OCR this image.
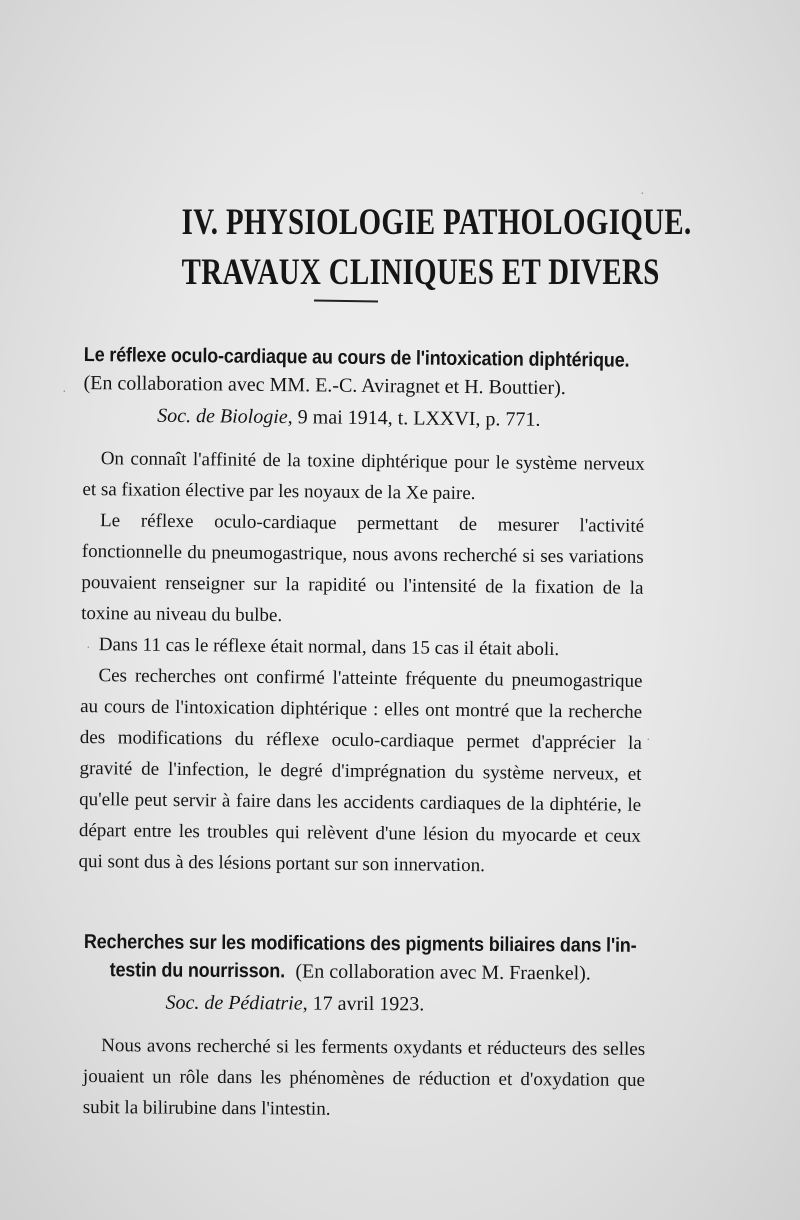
IV. PHYSIOLOGIE PATHOLOGIQUE.
TRAVAUX CLINIQUES ET DIVERS
Le réflexe oculo-cardiaque au cours de l'intoxication diphtérique.
(En collaboration avec MM. E.-C. Aviragnet et H. Bouttier).
Soc. de Biologie, 9 mai 1914, t. LXXVI, p. 771.

On connaît l'affinité de la toxine diphtérique pour le système nerveux et sa fixation élective par les noyaux de la Xe paire.

Le réflexe oculo-cardiaque permettant de mesurer l'activité fonctionnelle du pneumogastrique, nous avons recherché si ses variations pouvaient renseigner sur la rapidité ou l'intensité de la fixation de la toxine au niveau du bulbe.

Dans 11 cas le réflexe était normal, dans 15 cas il était aboli.

Ces recherches ont confirmé l'atteinte fréquente du pneumogastrique au cours de l'intoxication diphtérique : elles ont montré que la recherche des modifications du réflexe oculo-cardiaque permet d'apprécier la gravité de l'infection, le degré d'imprégnation du système nerveux, et qu'elle peut servir à faire dans les accidents cardiaques de la diphtérie, le départ entre les troubles qui relèvent d'une lésion du myocarde et ceux qui sont dus à des lésions portant sur son innervation.

Recherches sur les modifications des pigments biliaires dans l'in-
testin du nourrisson. (En collaboration avec M. Fraenkel).
Soc. de Pédiatrie, 17 avril 1923.

Nous avons recherché si les ferments oxydants et réducteurs des selles jouaient un rôle dans les phénomènes de réduction et d'oxydation que subit la bilirubine dans l'intestin.

·
·
·
·
